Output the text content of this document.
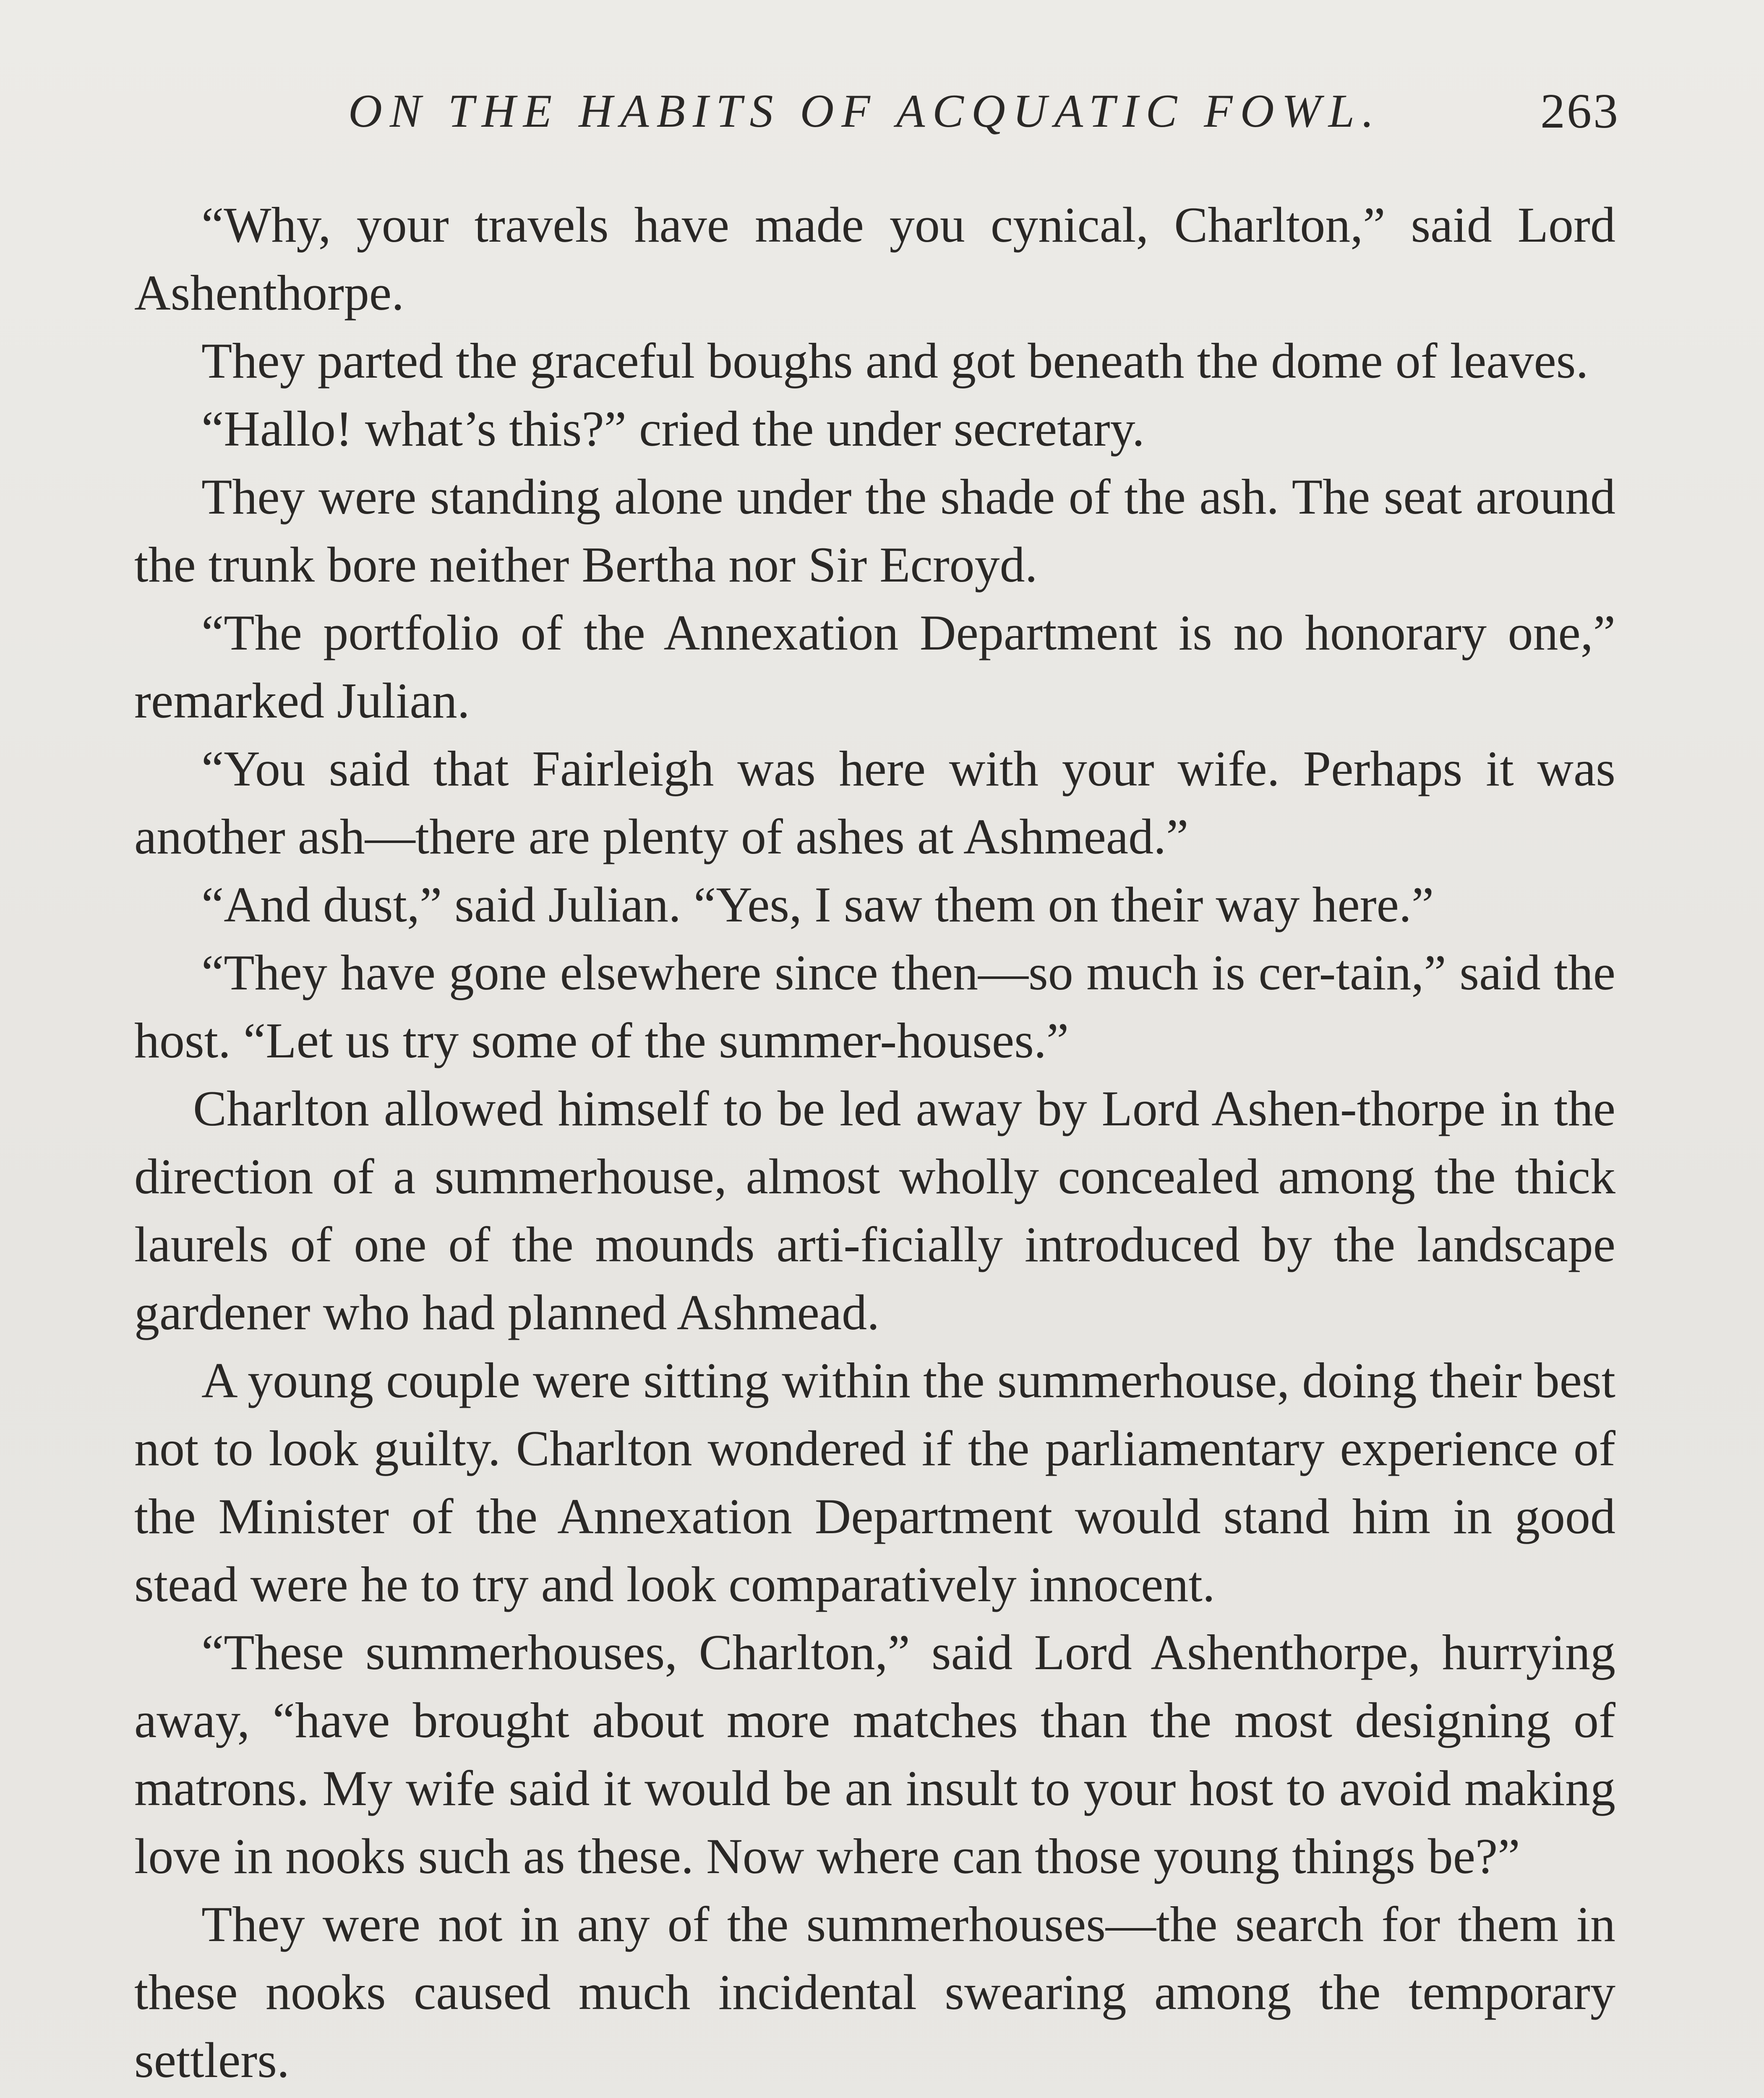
ON THE HABITS OF ACQUATIC FOWL.	263

“Why, your travels have made you cynical, Charlton,” said Lord Ashenthorpe.

They parted the graceful boughs and got beneath the dome of leaves.

“Hallo! what’s this?” cried the under secretary.

They were standing alone under the shade of the ash. The seat around the trunk bore neither Bertha nor Sir Ecroyd.

“The portfolio of the Annexation Department is no honorary one,” remarked Julian.

“You said that Fairleigh was here with your wife. Perhaps it was another ash—there are plenty of ashes at Ashmead.”

“And dust,” said Julian. “Yes, I saw them on their way here.”

“They have gone elsewhere since then—so much is cer-tain,” said the host. “Let us try some of the summer-houses.”

Charlton allowed himself to be led away by Lord Ashen-thorpe in the direction of a summerhouse, almost wholly concealed among the thick laurels of one of the mounds arti-ficially introduced by the landscape gardener who had planned Ashmead.

A young couple were sitting within the summerhouse, doing their best not to look guilty. Charlton wondered if the parliamentary experience of the Minister of the Annexation Department would stand him in good stead were he to try and look comparatively innocent.

“These summerhouses, Charlton,” said Lord Ashenthorpe, hurrying away, “have brought about more matches than the most designing of matrons. My wife said it would be an insult to your host to avoid making love in nooks such as these. Now where can those young things be?”

They were not in any of the summerhouses—the search for them in these nooks caused much incidental swearing among the temporary settlers.
